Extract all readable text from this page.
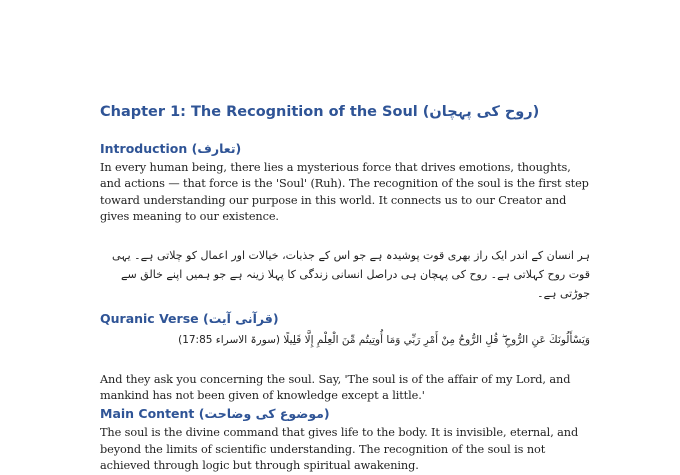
Chapter 1: The Recognition of the Soul (روح کی پہچان)
Introduction (تعارف)

In every human being, there lies a mysterious force that drives emotions, thoughts, and actions — that force is the 'Soul' (Ruh). The recognition of the soul is the first step toward understanding our purpose in this world. It connects us to our Creator and gives meaning to our existence.

ہر انسان کے اندر ایک راز بھری قوت پوشیدہ ہے جو اس کے جذبات، خیالات اور اعمال کو چلاتی ہے۔ یہی قوت روح کہلاتی ہے۔ روح کی پہچان ہی دراصل انسانی زندگی کا پہلا زینہ ہے جو ہمیں اپنے خالق سے جوڑتی ہے۔

Quranic Verse (قرآنی آیت)

وَيَسْأَلُونَكَ عَنِ الرُّوحِ ۖ قُلِ الرُّوحُ مِنْ أَمْرِ رَبِّي وَمَا أُوتِيتُم مِّنَ الْعِلْمِ إِلَّا قَلِيلًا (سورۃ الاسراء 17:85)

And they ask you concerning the soul. Say, 'The soul is of the affair of my Lord, and mankind has not been given of knowledge except a little.'

Main Content (موضوع کی وضاحت)

The soul is the divine command that gives life to the body. It is invisible, eternal, and beyond the limits of scientific understanding. The recognition of the soul is not achieved through logic but through spiritual awakening.
